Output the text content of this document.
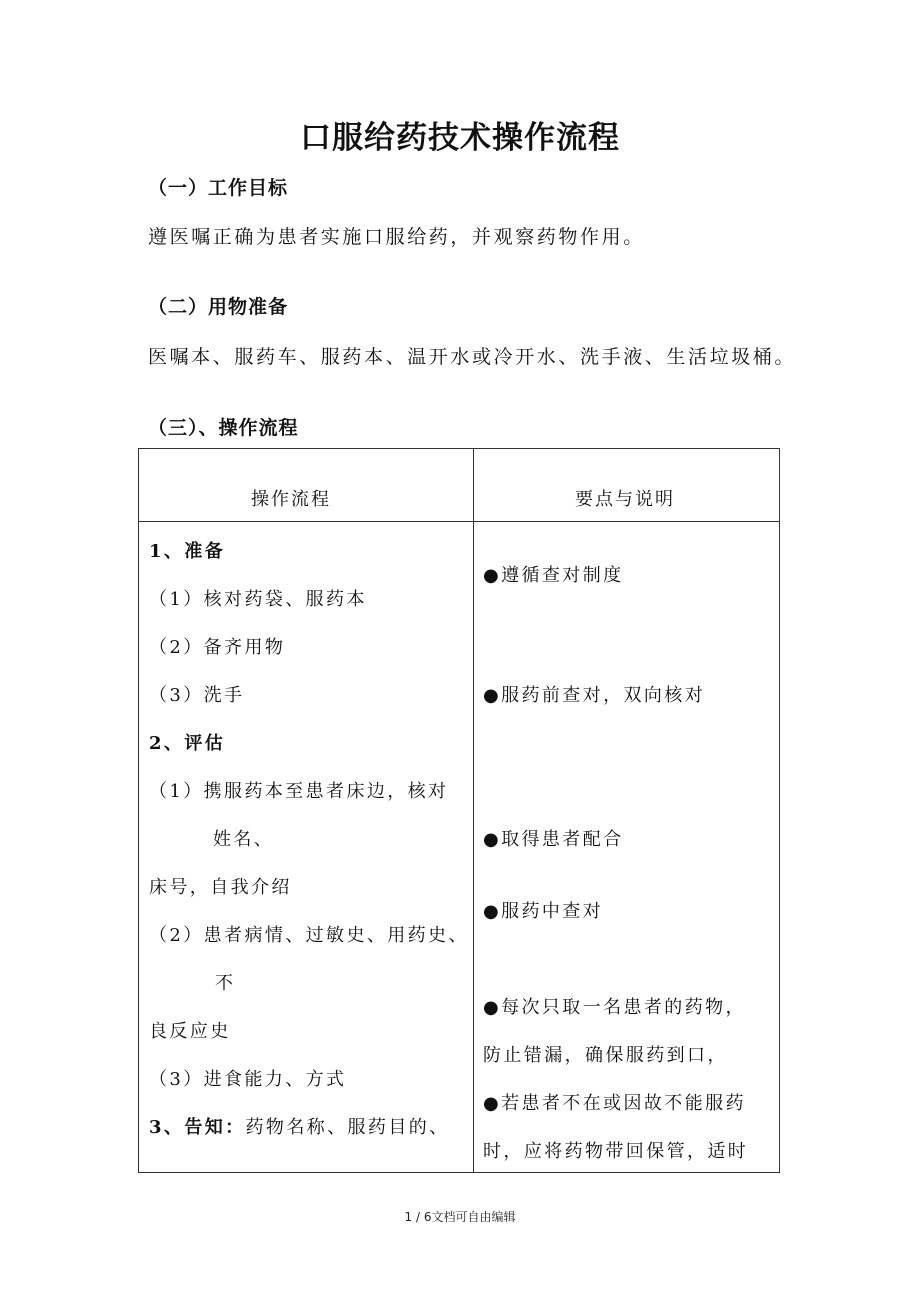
口服给药技术操作流程
（一）工作目标
遵医嘱正确为患者实施口服给药，并观察药物作用。
（二）用物准备
医嘱本、服药车、服药本、温开水或冷开水、洗手液、生活垃圾桶。
（三）、操作流程
操作流程	要点与说明
1、准备
（1）核对药袋、服药本
（2）备齐用物
（3）洗手
2、评估
（1）携服药本至患者床边，核对
姓名、
床号，自我介绍
（2）患者病情、过敏史、用药史、
不
良反应史
（3）进食能力、方式
3、告知：药物名称、服药目的、
●遵循查对制度
●服药前查对，双向核对
●取得患者配合
●服药中查对
●每次只取一名患者的药物，
防止错漏，确保服药到口，
●若患者不在或因故不能服药
时，应将药物带回保管，适时
1 / 6文档可自由编辑
